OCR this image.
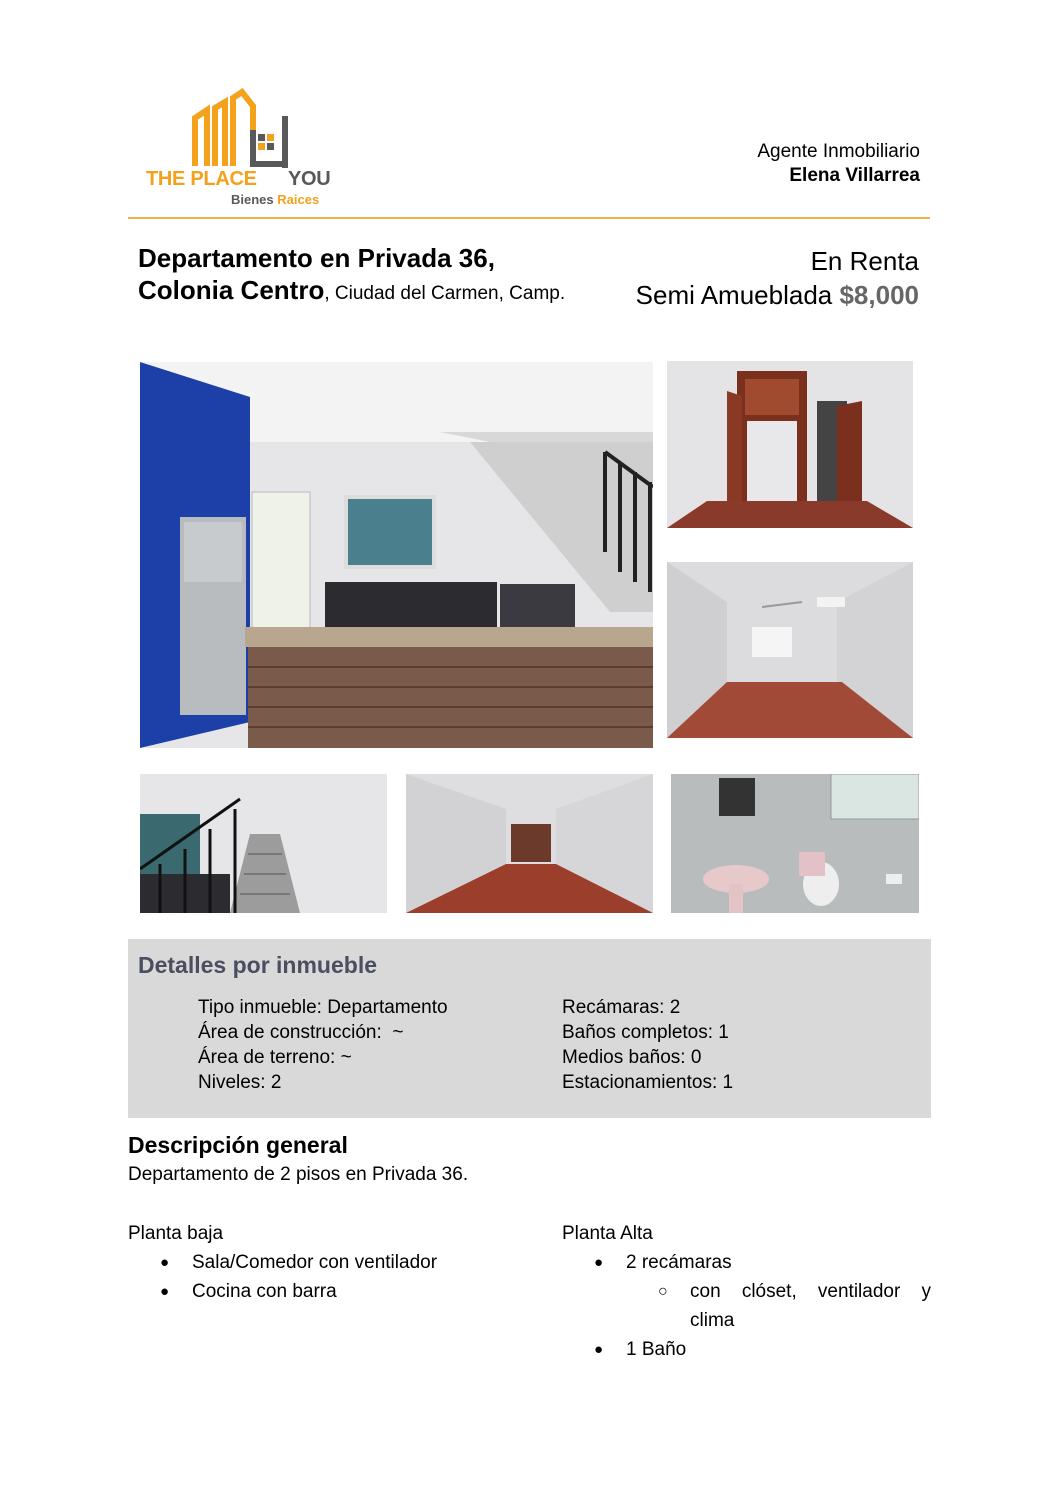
THE PLACE YOU
Bienes Raices
Agente Inmobiliario
Elena Villarrea
Departamento en Privada 36,
Colonia Centro, Ciudad del Carmen, Camp.
En Renta
Semi Amueblada $8,000
Detalles por inmueble
Tipo inmueble: Departamento
Área de construcción:  ~
Área de terreno: ~
Niveles: 2
Recámaras: 2
Baños completos: 1
Medios baños: 0
Estacionamientos: 1
Descripción general
Departamento de 2 pisos en Privada 36.
Planta baja
● Sala/Comedor con ventilador
● Cocina con barra
Planta Alta
● 2 recámaras
○ con clóset, ventilador y clima
● 1 Baño
